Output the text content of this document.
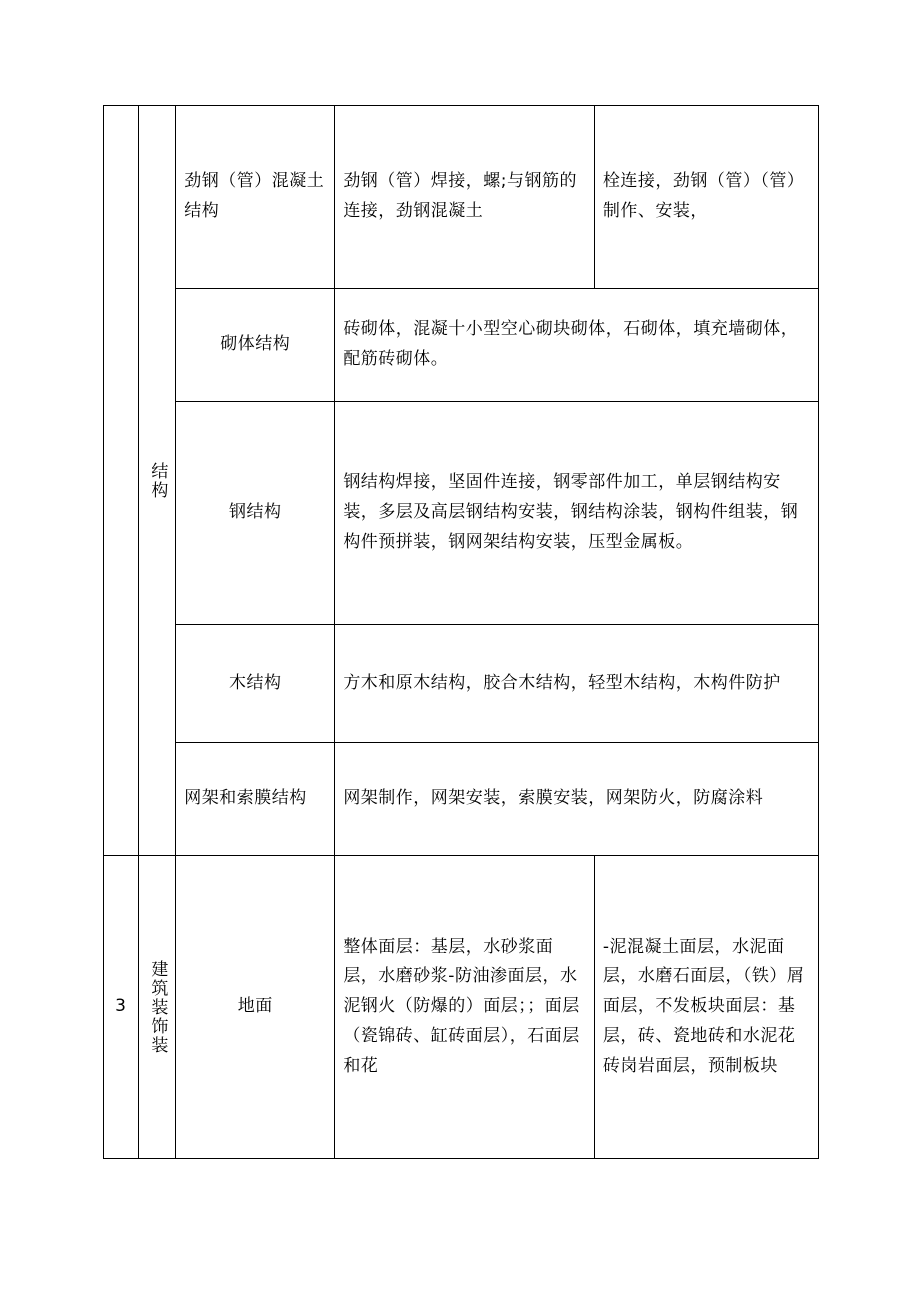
	结构	劲钢（管）混凝土结构	劲钢（管）焊接，螺;与钢筋的连接，劲钢混凝土	栓连接，劲钢（管）（管）制作、安装，
		砌体结构	砖砌体，混凝十小型空心砌块砌体，石砌体，填充墙砌体，配筋砖砌体。	
		钢结构	钢结构焊接，坚固件连接，钢零部件加工，单层钢结构安装，多层及高层钢结构安装，钢结构涂装，钢构件组装，钢构件预拼装，钢网架结构安装，压型金属板。	
		木结构	方木和原木结构，胶合木结构，轻型木结构，木构件防护	
		网架和索膜结构	网架制作，网架安装，索膜安装，网架防火，防腐涂料	
3	建筑装饰装	地面	整体面层：基层，水砂浆面层，水磨砂浆-防油渗面层，水泥钢火（防爆的）面层；；面层（瓷锦砖、缸砖面层），石面层和花	-泥混凝土面层，水泥面层，水磨石面层，（铁）屑面层，不发板块面层：基层，砖、瓷地砖和水泥花砖岗岩面层，预制板块
